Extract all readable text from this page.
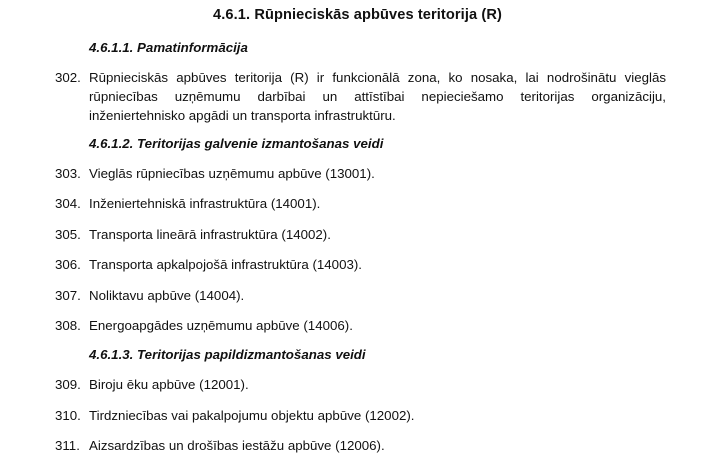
4.6.1. Rūpnieciskās apbūves teritorija (R)
4.6.1.1. Pamatinformācija
302. Rūpnieciskās apbūves teritorija (R) ir funkcionālā zona, ko nosaka, lai nodrošinātu vieglās rūpniecības uzņēmumu darbībai un attīstībai nepieciešamo teritorijas organizāciju, inženiertehnisko apgādi un transporta infrastruktūru.
4.6.1.2. Teritorijas galvenie izmantošanas veidi
303. Vieglās rūpniecības uzņēmumu apbūve (13001).
304. Inženiertehniskā infrastruktūra (14001).
305. Transporta lineārā infrastruktūra (14002).
306. Transporta apkalpojošā infrastruktūra (14003).
307. Noliktavu apbūve (14004).
308. Energoapgādes uzņēmumu apbūve (14006).
4.6.1.3. Teritorijas papildizmantošanas veidi
309. Biroju ēku apbūve (12001).
310. Tirdzniecības vai pakalpojumu objektu apbūve (12002).
311. Aizsardzības un drošības iestāžu apbūve (12006).
